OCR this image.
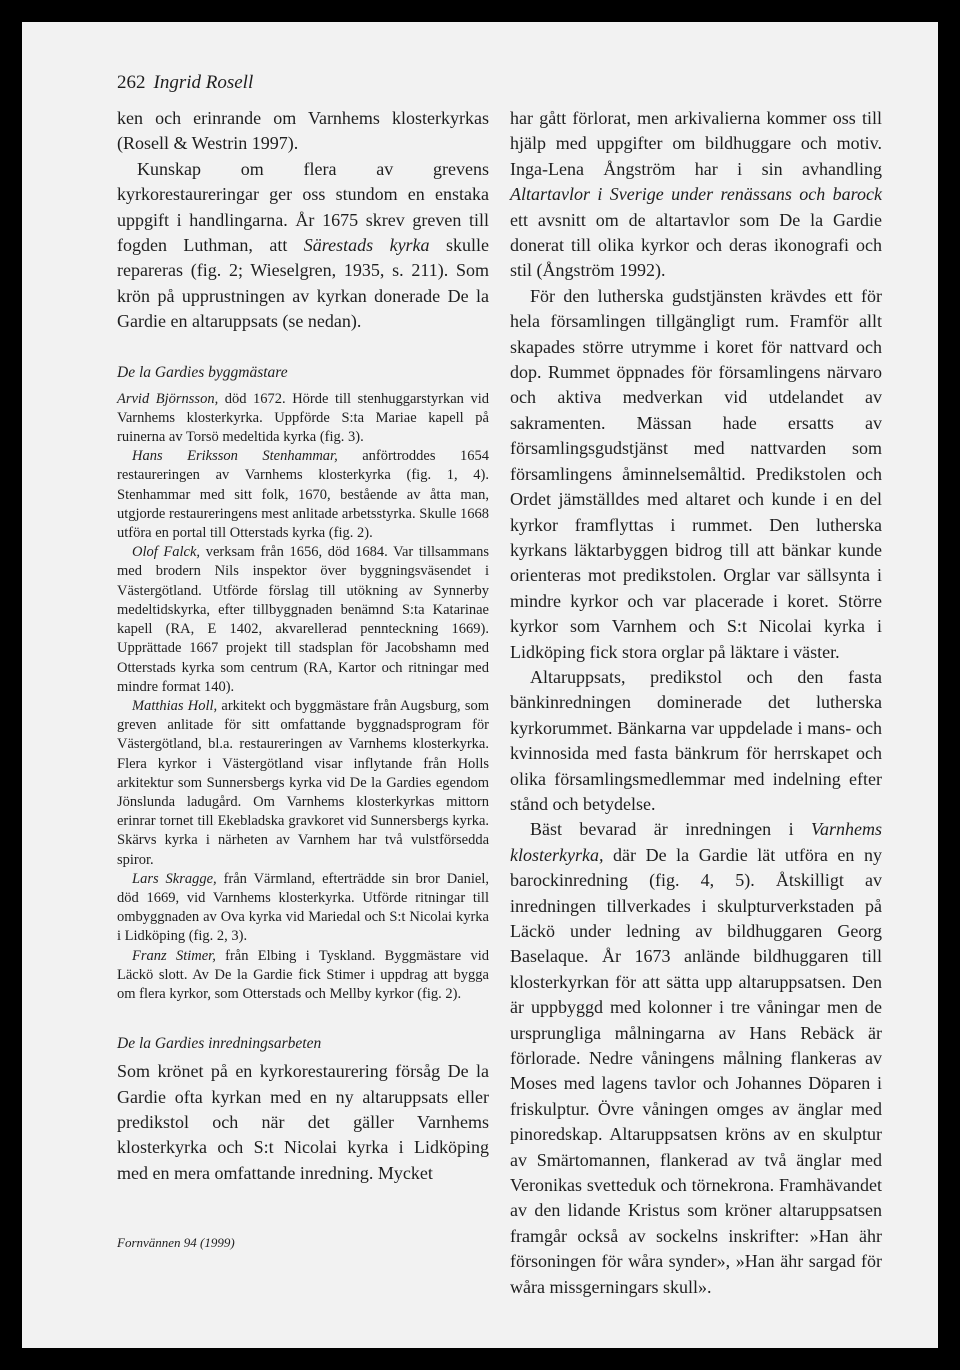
262 Ingrid Rosell

ken och erinrande om Varnhems klosterkyrkas (Rosell & Westrin 1997).

Kunskap om flera av grevens kyrkorestaureringar ger oss stundom en enstaka uppgift i handlingarna. År 1675 skrev greven till fogden Luthman, att Särestads kyrka skulle repareras (fig. 2; Wieselgren, 1935, s. 211). Som krön på upprustningen av kyrkan donerade De la Gardie en altaruppsats (se nedan).

De la Gardies byggmästare

Arvid Björnsson, död 1672. Hörde till stenhuggarstyrkan vid Varnhems klosterkyrka. Uppförde S:ta Mariae kapell på ruinerna av Torsö medeltida kyrka (fig. 3).

Hans Eriksson Stenhammar, anförtroddes 1654 restaureringen av Varnhems klosterkyrka (fig. 1, 4). Stenhammar med sitt folk, 1670, bestående av åtta man, utgjorde restaureringens mest anlitade arbetsstyrka. Skulle 1668 utföra en portal till Otterstads kyrka (fig. 2).

Olof Falck, verksam från 1656, död 1684. Var tillsammans med brodern Nils inspektor över byggningsväsendet i Västergötland. Utförde förslag till utökning av Synnerby medeltidskyrka, efter tillbyggnaden benämnd S:ta Katarinae kapell (RA, E 1402, akvarellerad pennteckning 1669). Upprättade 1667 projekt till stadsplan för Jacobshamn med Otterstads kyrka som centrum (RA, Kartor och ritningar med mindre format 140).

Matthias Holl, arkitekt och byggmästare från Augsburg, som greven anlitade för sitt omfattande byggnadsprogram för Västergötland, bl.a. restaureringen av Varnhems klosterkyrka. Flera kyrkor i Västergötland visar inflytande från Holls arkitektur som Sunnersbergs kyrka vid De la Gardies egendom Jönslunda ladugård. Om Varnhems klosterkyrkas mittorn erinrar tornet till Ekebladska gravkoret vid Sunnersbergs kyrka. Skärvs kyrka i närheten av Varnhem har två vulstförsedda spiror.

Lars Skragge, från Värmland, efterträdde sin bror Daniel, död 1669, vid Varnhems klosterkyrka. Utförde ritningar till ombyggnaden av Ova kyrka vid Mariedal och S:t Nicolai kyrka i Lidköping (fig. 2, 3).

Franz Stimer, från Elbing i Tyskland. Byggmästare vid Läckö slott. Av De la Gardie fick Stimer i uppdrag att bygga om flera kyrkor, som Otterstads och Mellby kyrkor (fig. 2).

De la Gardies inredningsarbeten

Som krönet på en kyrkorestaurering försåg De la Gardie ofta kyrkan med en ny altaruppsats eller predikstol och när det gäller Varnhems klosterkyrka och S:t Nicolai kyrka i Lidköping med en mera omfattande inredning. Mycket

har gått förlorat, men arkivalierna kommer oss till hjälp med uppgifter om bildhuggare och motiv. Inga-Lena Ångström har i sin avhandling Altartavlor i Sverige under renässans och barock ett avsnitt om de altartavlor som De la Gardie donerat till olika kyrkor och deras ikonografi och stil (Ångström 1992).

För den lutherska gudstjänsten krävdes ett för hela församlingen tillgängligt rum. Framför allt skapades större utrymme i koret för nattvard och dop. Rummet öppnades för församlingens närvaro och aktiva medverkan vid utdelandet av sakramenten. Mässan hade ersatts av församlingsgudstjänst med nattvarden som församlingens åminnelsemåltid. Predikstolen och Ordet jämställdes med altaret och kunde i en del kyrkor framflyttas i rummet. Den lutherska kyrkans läktarbyggen bidrog till att bänkar kunde orienteras mot predikstolen. Orglar var sällsynta i mindre kyrkor och var placerade i koret. Större kyrkor som Varnhem och S:t Nicolai kyrka i Lidköping fick stora orglar på läktare i väster.

Altaruppsats, predikstol och den fasta bänkinredningen dominerade det lutherska kyrkorummet. Bänkarna var uppdelade i mans- och kvinnosida med fasta bänkrum för herrskapet och olika församlingsmedlemmar med indelning efter stånd och betydelse.

Bäst bevarad är inredningen i Varnhems klosterkyrka, där De la Gardie lät utföra en ny barockinredning (fig. 4, 5). Åtskilligt av inredningen tillverkades i skulpturverkstaden på Läckö under ledning av bildhuggaren Georg Baselaque. År 1673 anlände bildhuggaren till klosterkyrkan för att sätta upp altaruppsatsen. Den är uppbyggd med kolonner i tre våningar men de ursprungliga målningarna av Hans Rebäck är förlorade. Nedre våningens målning flankeras av Moses med lagens tavlor och Johannes Döparen i friskulptur. Övre våningen omges av änglar med pinoredskap. Altaruppsatsen kröns av en skulptur av Smärtomannen, flankerad av två änglar med Veronikas svetteduk och törnekrona. Framhävandet av den lidande Kristus som kröner altaruppsatsen framgår också av sockelns inskrifter: »Han ähr försoningen för wåra synder», »Han ähr sargad för wåra missgerningars skull».

Fornvännen 94 (1999)
